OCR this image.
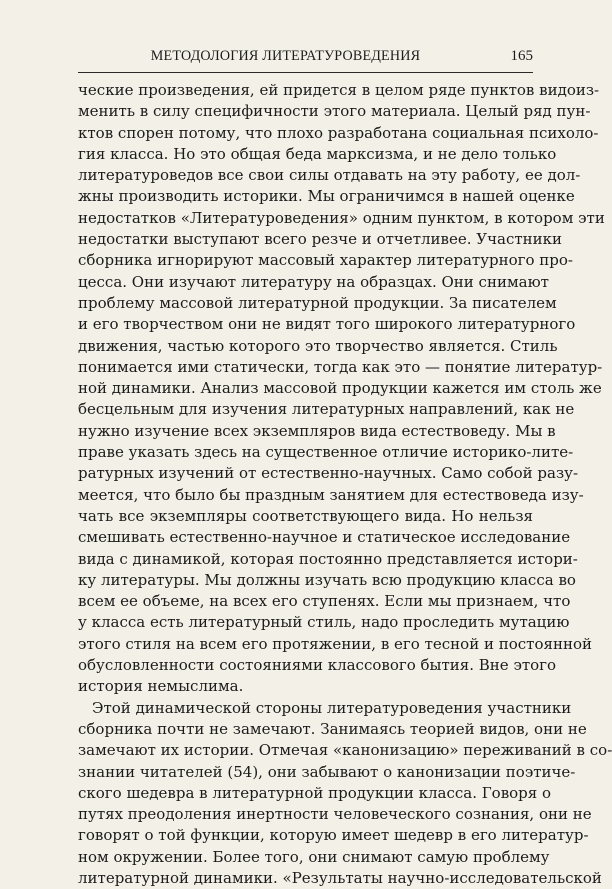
МЕТОДОЛОГИЯ ЛИТЕРАТУРОВЕДЕНИЯ	165
ческие произведения, ей придется в целом ряде пунктов видоиз-
менить в силу специфичности этого материала. Целый ряд пун-
ктов спорен потому, что плохо разработана социальная психоло-
гия класса. Но это общая беда марксизма, и не дело только
литературоведов все свои силы отдавать на эту работу, ее дол-
жны производить историки. Мы ограничимся в нашей оценке
недостатков «Литературоведения» одним пунктом, в котором эти
недостатки выступают всего резче и отчетливее. Участники
сборника игнорируют массовый характер литературного про-
цесса. Они изучают литературу на образцах. Они снимают
проблему массовой литературной продукции. За писателем
и его творчеством они не видят того широкого литературного
движения, частью которого это творчество является. Стиль
понимается ими статически, тогда как это — понятие литератур-
ной динамики. Анализ массовой продукции кажется им столь же
бесцельным для изучения литературных направлений, как не
нужно изучение всех экземпляров вида естествоведу. Мы в
праве указать здесь на существенное отличие историко-лите-
ратурных изучений от естественно-научных. Само собой разу-
меется, что было бы праздным занятием для естествоведа изу-
чать все экземпляры соответствующего вида. Но нельзя
смешивать естественно-научное и статическое исследование
вида с динамикой, которая постоянно представляется истори-
ку литературы. Мы должны изучать всю продукцию класса во
всем ее объеме, на всех его ступенях. Если мы признаем, что
у класса есть литературный стиль, надо проследить мутацию
этого стиля на всем его протяжении, в его тесной и постоянной
обусловленности состояниями классового бытия. Вне этого
история немыслима.
Этой динамической стороны литературоведения участники
сборника почти не замечают. Занимаясь теорией видов, они не
замечают их истории. Отмечая «канонизацию» переживаний в со-
знании читателей (54), они забывают о канонизации поэтиче-
ского шедевра в литературной продукции класса. Говоря о
путях преодоления инертности человеческого сознания, они не
говорят о той функции, которую имеет шедевр в его литератур-
ном окружении. Более того, они снимают самую проблему
литературной динамики. «Результаты научно-исследовательской
